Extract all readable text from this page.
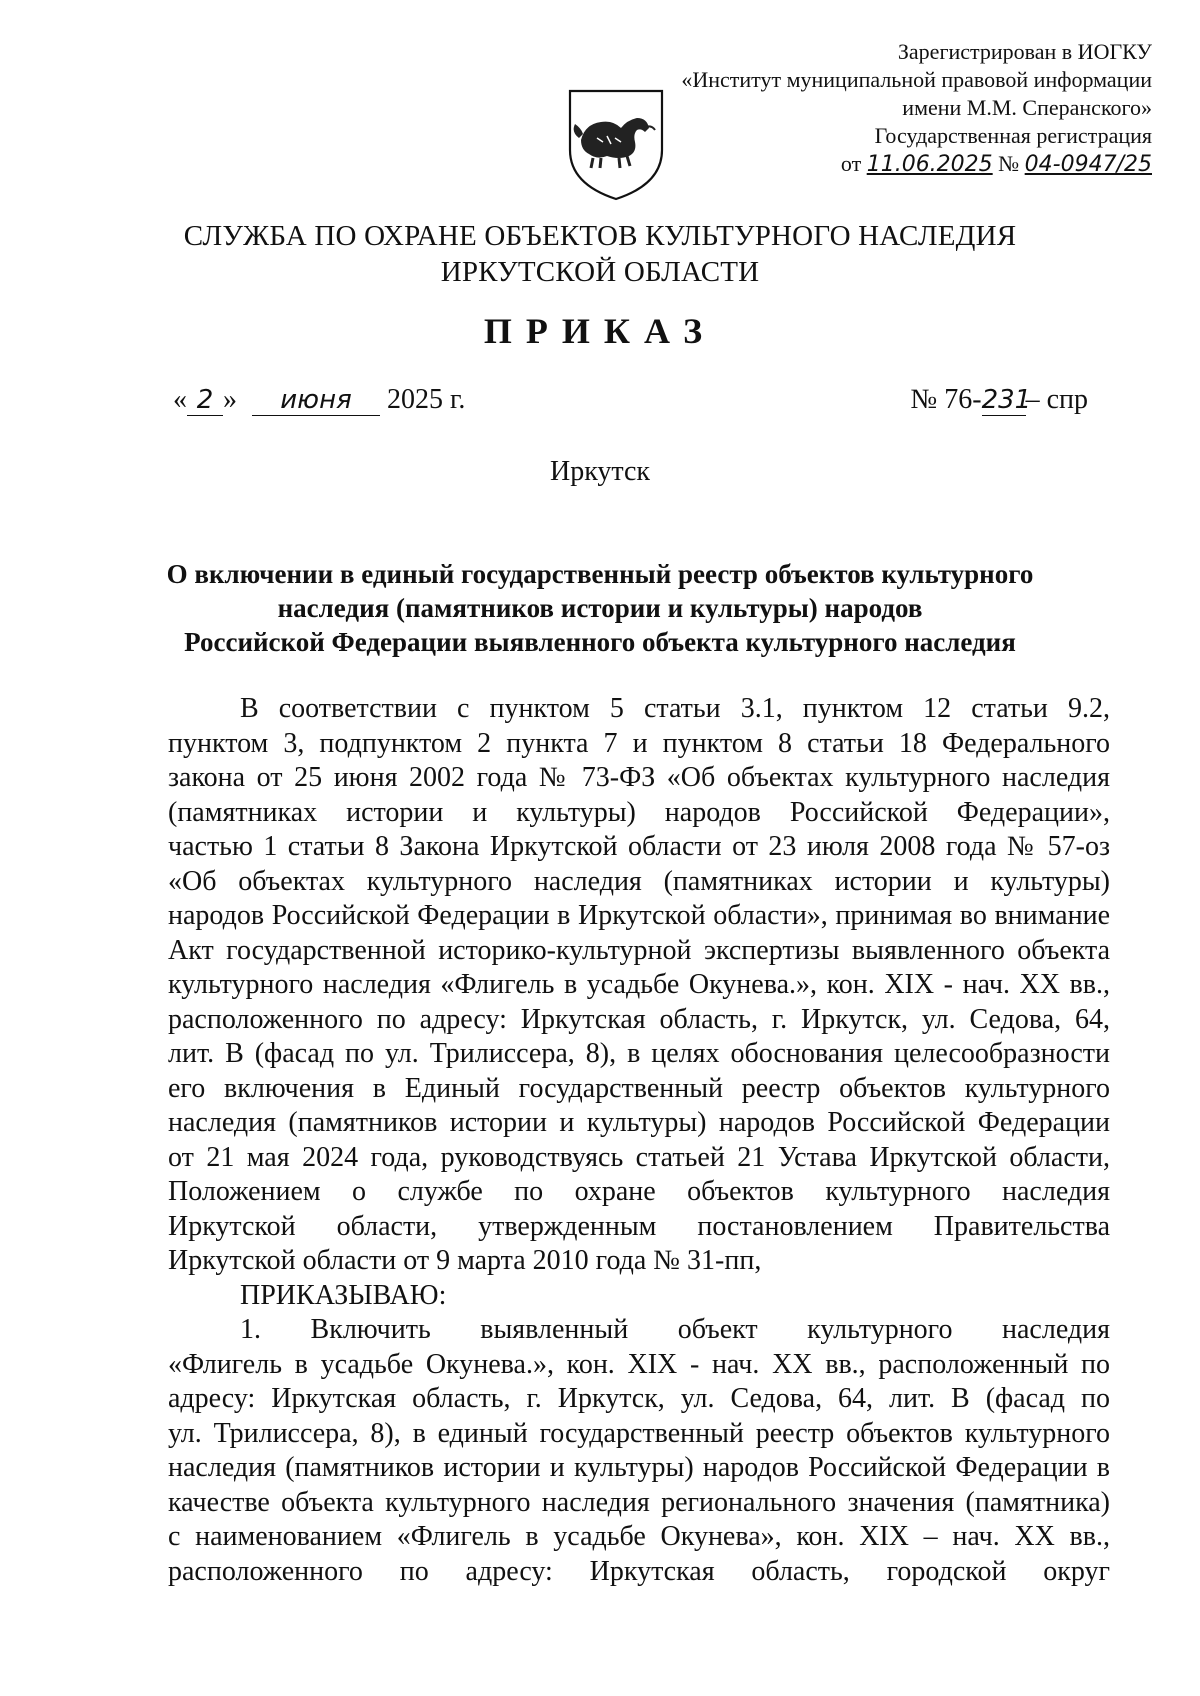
Зарегистрирован в ИОГКУ
«Институт муниципальной правовой информации
имени М.М. Сперанского»
Государственная регистрация
от 11.06.2025 № 04-0947/25
СЛУЖБА ПО ОХРАНЕ ОБЪЕКТОВ КУЛЬТУРНОГО НАСЛЕДИЯ
ИРКУТСКОЙ ОБЛАСТИ
ПРИКАЗ
« 2 » июня 2025 г.	№ 76-231– спр
Иркутск
О включении в единый государственный реестр объектов культурного
наследия (памятников истории и культуры) народов
Российской Федерации выявленного объекта культурного наследия

В соответствии с пунктом 5 статьи 3.1, пунктом 12 статьи 9.2,

пунктом 3, подпунктом 2 пункта 7 и пунктом 8 статьи 18 Федерального

закона от 25 июня 2002 года № 73-ФЗ «Об объектах культурного наследия

(памятниках истории и культуры) народов Российской Федерации»,

частью 1 статьи 8 Закона Иркутской области от 23 июля 2008 года № 57-оз

«Об объектах культурного наследия (памятниках истории и культуры)

народов Российской Федерации в Иркутской области», принимая во внимание

Акт государственной историко-культурной экспертизы выявленного объекта

культурного наследия «Флигель в усадьбе Окунева.», кон. XIX - нач. XX вв.,

расположенного по адресу: Иркутская область, г. Иркутск, ул. Седова, 64,

лит. В (фасад по ул. Трилиссера, 8), в целях обоснования целесообразности

его включения в Единый государственный реестр объектов культурного

наследия (памятников истории и культуры) народов Российской Федерации

от 21 мая 2024 года, руководствуясь статьей 21 Устава Иркутской области,

Положением о службе по охране объектов культурного наследия

Иркутской области, утвержденным постановлением Правительства

Иркутской области от 9 марта 2010 года № 31-пп,

ПРИКАЗЫВАЮ:

1. Включить выявленный объект культурного наследия

«Флигель в усадьбе Окунева.», кон. XIX - нач. XX вв., расположенный по

адресу: Иркутская область, г. Иркутск, ул. Седова, 64, лит. В (фасад по

ул. Трилиссера, 8), в единый государственный реестр объектов культурного

наследия (памятников истории и культуры) народов Российской Федерации в

качестве объекта культурного наследия регионального значения (памятника)

с наименованием «Флигель в усадьбе Окунева», кон. XIX – нач. XX вв.,

расположенного по адресу: Иркутская область, городской округ
